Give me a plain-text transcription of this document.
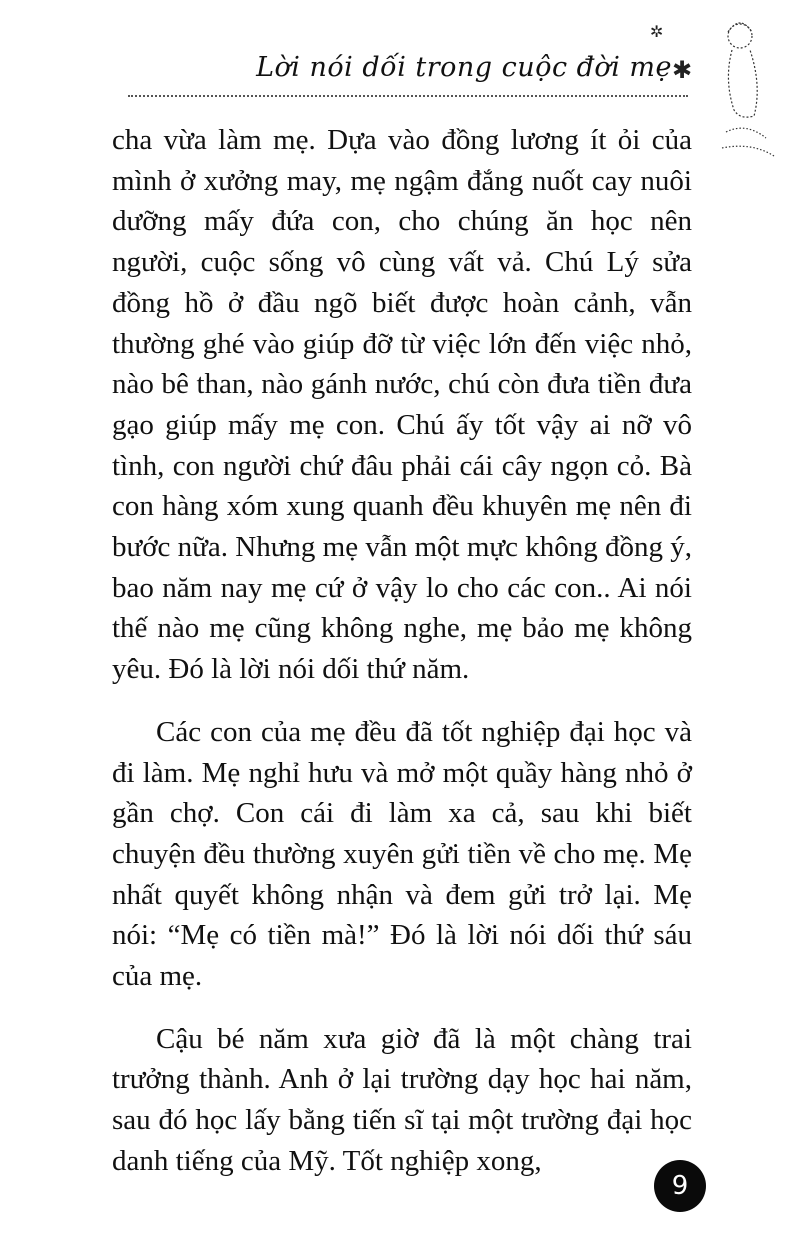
Lời nói dối trong cuộc đời mẹ ✱
✲

cha vừa làm mẹ. Dựa vào đồng lương ít ỏi của mình ở xưởng may, mẹ ngậm đắng nuốt cay nuôi dưỡng mấy đứa con, cho chúng ăn học nên người, cuộc sống vô cùng vất vả. Chú Lý sửa đồng hồ ở đầu ngõ biết được hoàn cảnh, vẫn thường ghé vào giúp đỡ từ việc lớn đến việc nhỏ, nào bê than, nào gánh nước, chú còn đưa tiền đưa gạo giúp mấy mẹ con. Chú ấy tốt vậy ai nỡ vô tình, con người chứ đâu phải cái cây ngọn cỏ. Bà con hàng xóm xung quanh đều khuyên mẹ nên đi bước nữa. Nhưng mẹ vẫn một mực không đồng ý, bao năm nay mẹ cứ ở vậy lo cho các con.. Ai nói thế nào mẹ cũng không nghe, mẹ bảo mẹ không yêu. Đó là lời nói dối thứ năm.

Các con của mẹ đều đã tốt nghiệp đại học và đi làm. Mẹ nghỉ hưu và mở một quầy hàng nhỏ ở gần chợ. Con cái đi làm xa cả, sau khi biết chuyện đều thường xuyên gửi tiền về cho mẹ. Mẹ nhất quyết không nhận và đem gửi trở lại. Mẹ nói: “Mẹ có tiền mà!” Đó là lời nói dối thứ sáu của mẹ.

Cậu bé năm xưa giờ đã là một chàng trai trưởng thành. Anh ở lại trường dạy học hai năm, sau đó học lấy bằng tiến sĩ tại một trường đại học danh tiếng của Mỹ. Tốt nghiệp xong,

9
